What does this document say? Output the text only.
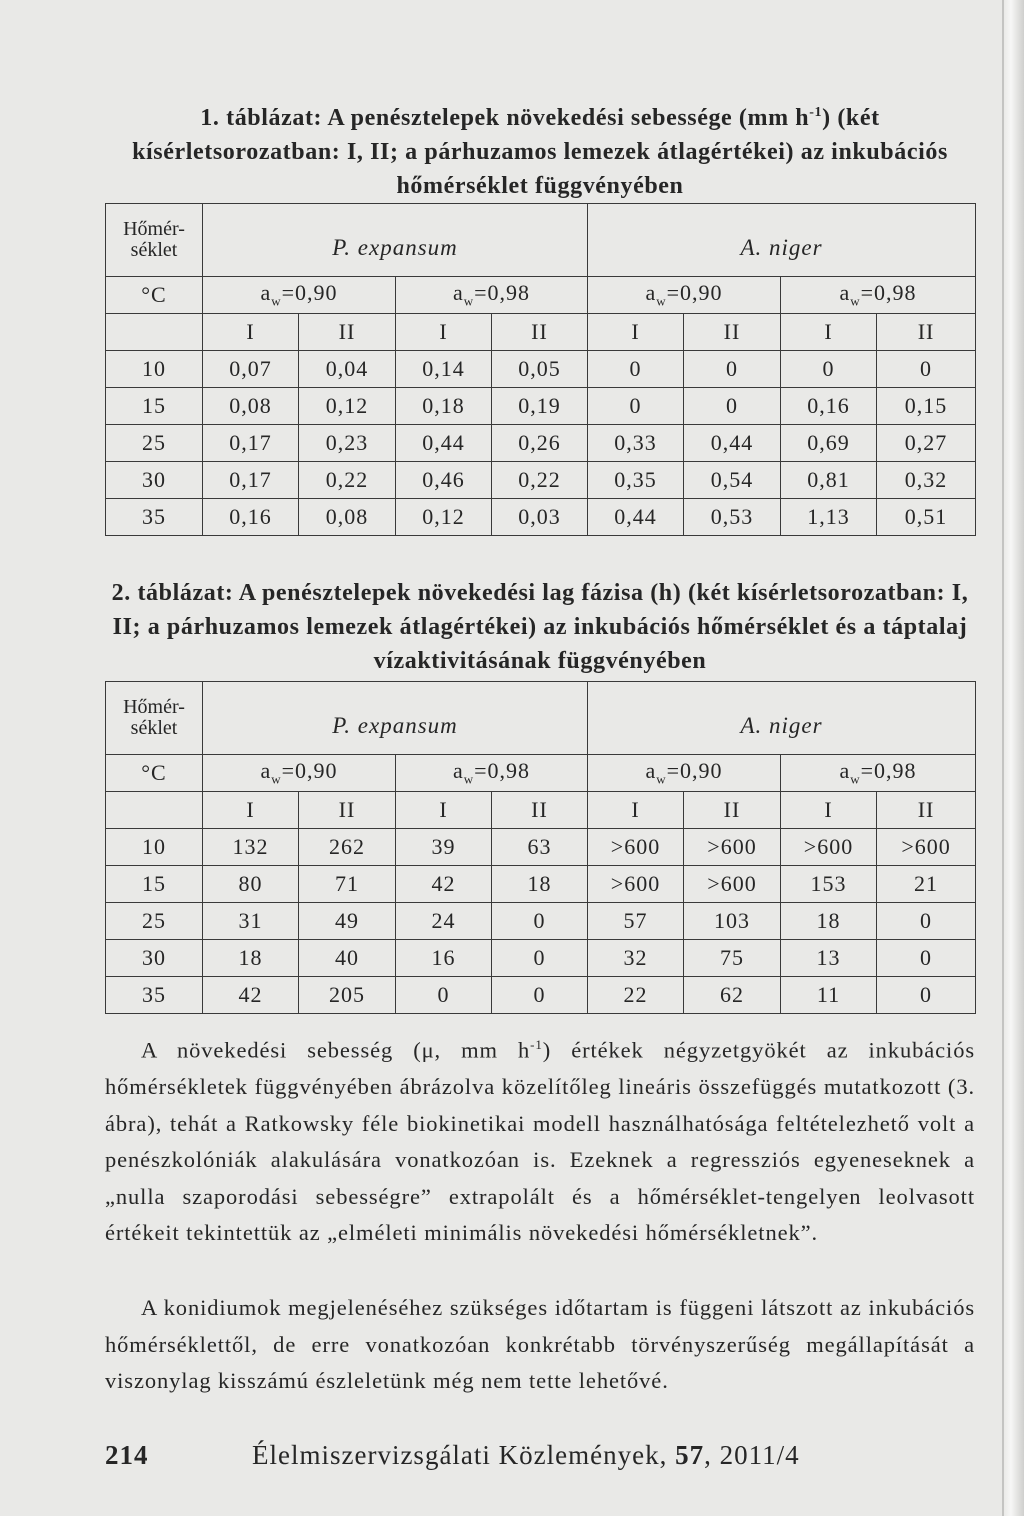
1. táblázat: A penésztelepek növekedési sebessége (mm $h^{-1}$) (két kísérletsorozatban: I, II; a párhuzamos lemezek átlagértékei) az inkubációs hőmérséklet függvényében

Hőmér-
séklet	P. expansum				A. niger			
°C	$a_w=0,90$		$a_w=0,98$		$a_w=0,90$		$a_w=0,98$	
	I	II	I	II	I	II	I	II
10	0,07	0,04	0,14	0,05	0	0	0	0
15	0,08	0,12	0,18	0,19	0	0	0,16	0,15
25	0,17	0,23	0,44	0,26	0,33	0,44	0,69	0,27
30	0,17	0,22	0,46	0,22	0,35	0,54	0,81	0,32
35	0,16	0,08	0,12	0,03	0,44	0,53	1,13	0,51

2. táblázat: A penésztelepek növekedési lag fázisa (h) (két kísérletsorozatban: I, II; a párhuzamos lemezek átlagértékei) az inkubációs hőmérséklet és a táptalaj vízaktivitásának függvényében

Hőmér-
séklet	P. expansum				A. niger			
°C	$a_w=0,90$		$a_w=0,98$		$a_w=0,90$		$a_w=0,98$	
	I	II	I	II	I	II	I	II
10	132	262	39	63	>600	>600	>600	>600
15	80	71	42	18	>600	>600	153	21
25	31	49	24	0	57	103	18	0
30	18	40	16	0	32	75	13	0
35	42	205	0	0	22	62	11	0

A növekedési sebesség (μ, mm $h^{-1}$) értékek négyzetgyökét az inkubációs hőmérsékletek függvényében ábrázolva közelítőleg lineáris összefüggés mutatkozott (3. ábra), tehát a Ratkowsky féle biokinetikai modell használhatósága feltételezhető volt a penészkolóniák alakulására vonatkozóan is. Ezeknek a regressziós egyeneseknek a „nulla szaporodási sebességre” extrapolált és a hőmérséklet-tengelyen leolvasott értékeit tekintettük az „elméleti minimális növekedési hőmérsékletnek”.

A konidiumok megjelenéséhez szükséges időtartam is függeni látszott az inkubációs hőmérséklettől, de erre vonatkozóan konkrétabb törvényszerűség megállapítását a viszonylag kisszámú észleletünk még nem tette lehetővé.

214	Élelmiszervizsgálati Közlemények, 57, 2011/4
